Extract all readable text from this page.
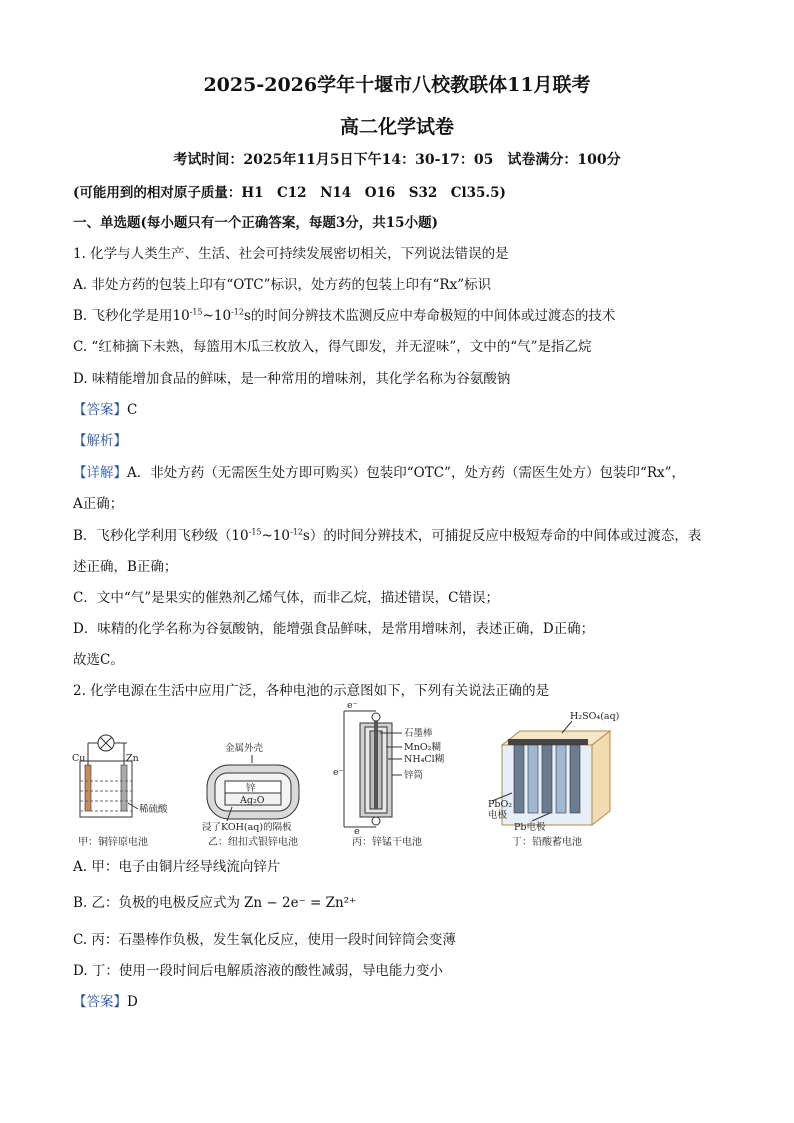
2025-2026学年十堰市八校教联体11月联考
高二化学试卷
考试时间：2025年11月5日下午14：30-17：05　试卷满分：100分
(可能用到的相对原子质量：H1　C12　N14　O16　S32　Cl35.5)
一、单选题(每小题只有一个正确答案，每题3分，共15小题)
1. 化学与人类生产、生活、社会可持续发展密切相关，下列说法错误的是
A. 非处方药的包装上印有“OTC”标识，处方药的包装上印有“Rx”标识
B. 飞秒化学是用$10^{-15}\sim 10^{-12}s$的时间分辨技术监测反应中寿命极短的中间体或过渡态的技术
C. “红柿摘下未熟，每篮用木瓜三枚放入，得气即发，并无涩味”，文中的“气”是指乙烷
D. 味精能增加食品的鲜味，是一种常用的增味剂，其化学名称为谷氨酸钠
【答案】C
【解析】
【详解】A．非处方药（无需医生处方即可购买）包装印“OTC”，处方药（需医生处方）包装印“Rx”，
A正确；
B．飞秒化学利用飞秒级$(10^{-15}\sim 10^{-12}s)$的时间分辨技术，可捕捉反应中极短寿命的中间体或过渡态，表
述正确，B正确；
C．文中“气”是果实的催熟剂乙烯气体，而非乙烷，描述错误，C错误；
D．味精的化学名称为谷氨酸钠，能增强食品鲜味，是常用增味剂，表述正确，D正确；
故选C。
2. 化学电源在生活中应用广泛，各种电池的示意图如下，下列有关说法正确的是
Cu	Zn
稀硫酸
甲：铜锌原电池
金属外壳
锌
Ag₂O
浸了KOH(aq)的隔板
乙：纽扣式银锌电池
e⁻
e⁻
e
石墨棒
MnO₂糊
NH₄Cl糊
锌筒
丙：锌锰干电池
H₂SO₄(aq)
PbO₂
电极
Pb电极
丁：铅酸蓄电池
A. 甲：电子由铜片经导线流向锌片
B. 乙：负极的电极反应式为 Zn − 2e⁻ = Zn²⁺
C. 丙：石墨棒作负极，发生氧化反应，使用一段时间锌筒会变薄
D. 丁：使用一段时间后电解质溶液的酸性减弱，导电能力变小
【答案】D
